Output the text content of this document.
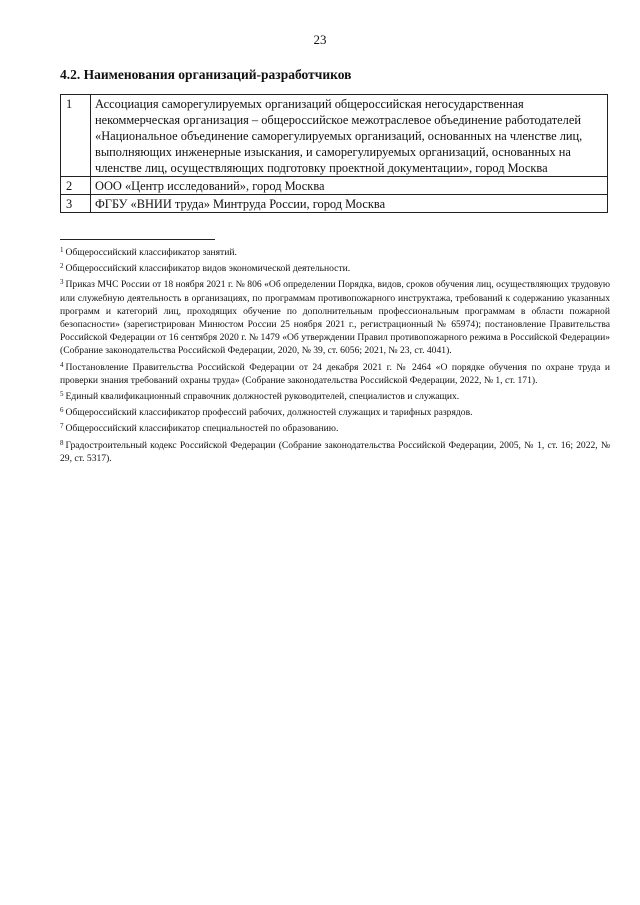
23
4.2. Наименования организаций-разработчиков
1	Ассоциация саморегулируемых организаций общероссийская негосударственная некоммерческая организация – общероссийское межотраслевое объединение работодателей «Национальное объединение саморегулируемых организаций, основанных на членстве лиц, выполняющих инженерные изыскания, и саморегулируемых организаций, основанных на членстве лиц, осуществляющих подготовку проектной документации», город Москва
2	ООО «Центр исследований», город Москва
3	ФГБУ «ВНИИ труда» Минтруда России, город Москва

$^1$ Общероссийский классификатор занятий.

$^2$ Общероссийский классификатор видов экономической деятельности.

$^3$ Приказ МЧС России от 18 ноября 2021 г. № 806 «Об определении Порядка, видов, сроков обучения лиц, осуществляющих трудовую или служебную деятельность в организациях, по программам противопожарного инструктажа, требований к содержанию указанных программ и категорий лиц, проходящих обучение по дополнительным профессиональным программам в области пожарной безопасности» (зарегистрирован Минюстом России 25 ноября 2021 г., регистрационный № 65974); постановление Правительства Российской Федерации от 16 сентября 2020 г. № 1479 «Об утверждении Правил противопожарного режима в Российской Федерации» (Собрание законодательства Российской Федерации, 2020, № 39, ст. 6056; 2021, № 23, ст. 4041).

$^4$ Постановление Правительства Российской Федерации от 24 декабря 2021 г. № 2464 «О порядке обучения по охране труда и проверки знания требований охраны труда» (Собрание законодательства Российской Федерации, 2022, № 1, ст. 171).

$^5$ Единый квалификационный справочник должностей руководителей, специалистов и служащих.

$^6$ Общероссийский классификатор профессий рабочих, должностей служащих и тарифных разрядов.

$^7$ Общероссийский классификатор специальностей по образованию.

$^8$ Градостроительный кодекс Российской Федерации (Собрание законодательства Российской Федерации, 2005, № 1, ст. 16; 2022, № 29, ст. 5317).
